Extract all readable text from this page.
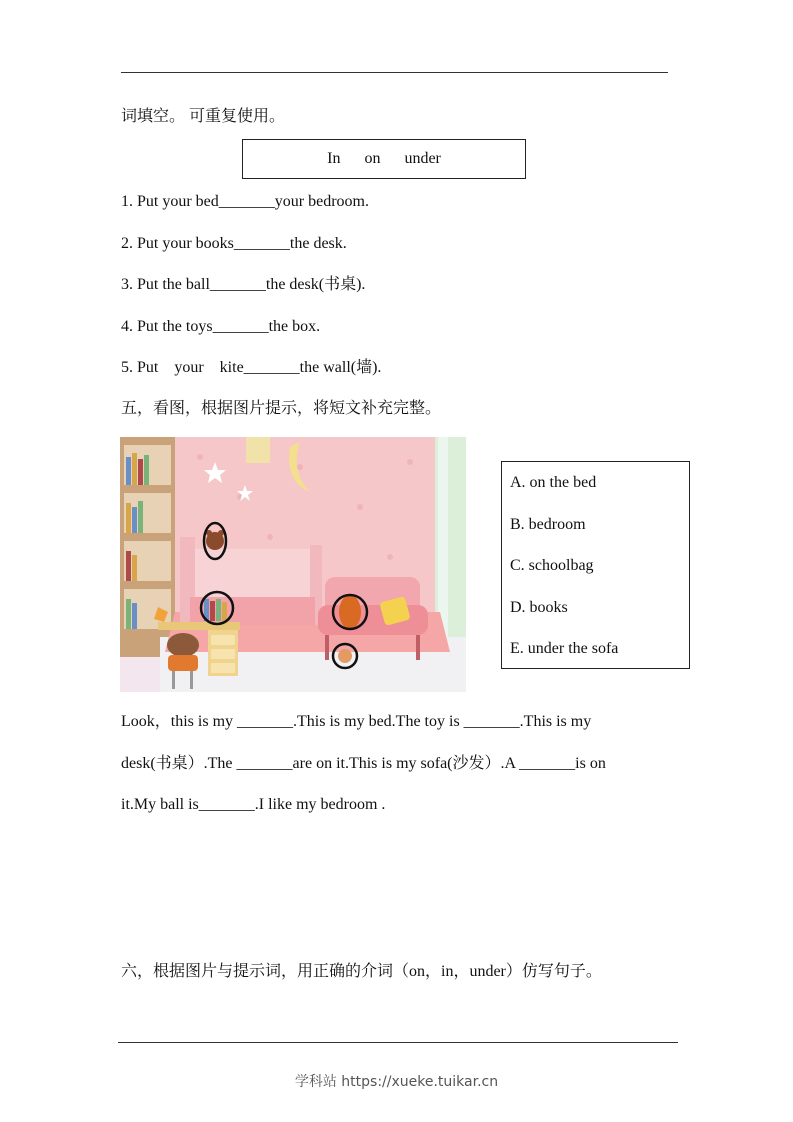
词填空。 可重复使用。
In on under
1. Put your bed_______your bedroom.
2. Put your books_______the desk.
3. Put the ball_______the desk(书桌).
4. Put the toys_______the box.
5. Put    your    kite_______the wall(墙).
五，看图，根据图片提示，将短文补充完整。
A. on the bed
B. bedroom
C. schoolbag
D. books
E. under the sofa
Look，this is my _______.This is my bed.The toy is _______.This is my
desk(书桌）.The _______are on it.This is my sofa(沙发）.A _______is on
it.My ball is_______.I like my bedroom .
六，根据图片与提示词，用正确的介词（on，in，under）仿写句子。
学科站 https://xueke.tuikar.cn
